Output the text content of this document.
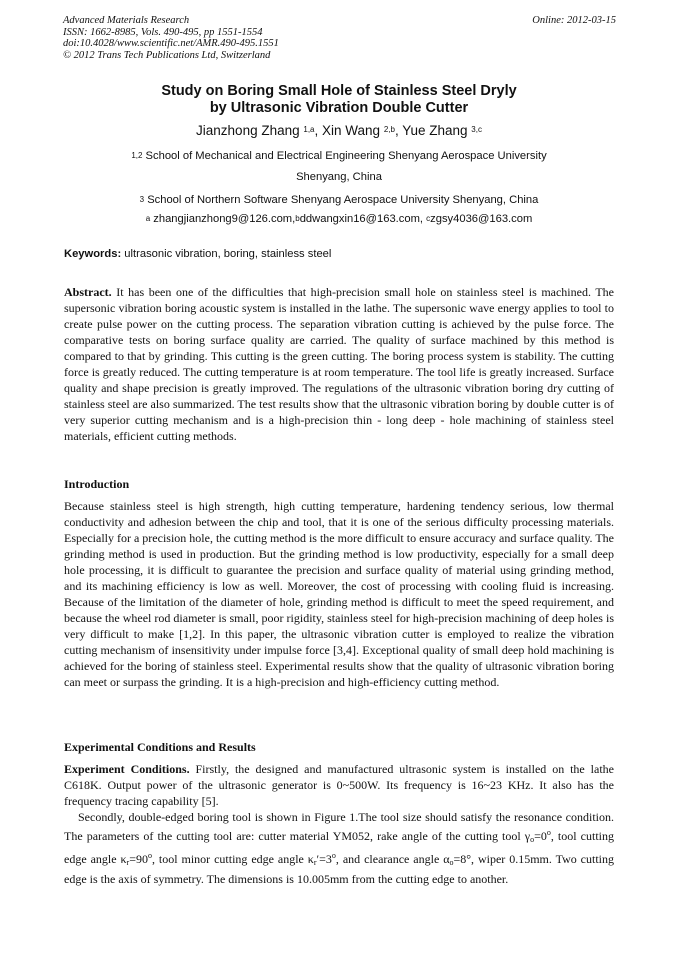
Advanced Materials Research
ISSN: 1662-8985, Vols. 490-495, pp 1551-1554
doi:10.4028/www.scientific.net/AMR.490-495.1551
© 2012 Trans Tech Publications Ltd, Switzerland
Online: 2012-03-15
Study on Boring Small Hole of Stainless Steel Dryly
by Ultrasonic Vibration Double Cutter
Jianzhong Zhang $^{1,a}$, Xin Wang $^{2,b}$, Yue Zhang $^{3,c}$
$^{1,2}$ School of Mechanical and Electrical Engineering Shenyang Aerospace University
Shenyang, China
$^3$ School of Northern Software Shenyang Aerospace University Shenyang, China
$^a$ zhangjianzhong9@126.com,$^b$ddwangxin16@163.com, $^c$zgsy4036@163.com
Keywords: ultrasonic vibration, boring, stainless steel
Abstract. It has been one of the difficulties that high-precision small hole on stainless steel is machined. The supersonic vibration boring acoustic system is installed in the lathe. The supersonic wave energy applies to tool to create pulse power on the cutting process. The separation vibration cutting is achieved by the pulse force. The comparative tests on boring surface quality are carried. The quality of surface machined by this method is compared to that by grinding. This cutting is the green cutting. The boring process system is stability. The cutting force is greatly reduced. The cutting temperature is at room temperature. The tool life is greatly increased. Surface quality and shape precision is greatly improved. The regulations of the ultrasonic vibration boring dry cutting of stainless steel are also summarized. The test results show that the ultrasonic vibration boring by double cutter is of very superior cutting mechanism and is a high-precision thin - long deep - hole machining of stainless steel materials, efficient cutting methods.
Introduction
Because stainless steel is high strength, high cutting temperature, hardening tendency serious, low thermal conductivity and adhesion between the chip and tool, that it is one of the serious difficulty processing materials. Especially for a precision hole, the cutting method is the more difficult to ensure accuracy and surface quality. The grinding method is used in production. But the grinding method is low productivity, especially for a small deep hole processing, it is difficult to guarantee the precision and surface quality of material using grinding method, and its machining efficiency is low as well. Moreover, the cost of processing with cooling fluid is increasing. Because of the limitation of the diameter of hole, grinding method is difficult to meet the speed requirement, and because the wheel rod diameter is small, poor rigidity, stainless steel for high-precision machining of deep holes is very difficult to make [1,2]. In this paper, the ultrasonic vibration cutter is employed to realize the vibration cutting mechanism of insensitivity under impulse force [3,4]. Exceptional quality of small deep hold machining is achieved for the boring of stainless steel. Experimental results show that the quality of ultrasonic vibration boring can meet or surpass the grinding. It is a high-precision and high-efficiency cutting method.
Experimental Conditions and Results
Experiment Conditions. Firstly, the designed and manufactured ultrasonic system is installed on the lathe C618K. Output power of the ultrasonic generator is 0~500W. Its frequency is 16~23 KHz. It also has the frequency tracing capability [5].
Secondly, double-edged boring tool is shown in Figure 1.The tool size should satisfy the resonance condition. The parameters of the cutting tool are: cutter material YM052, rake angle of the cutting tool $\gamma o=0^o$, tool cutting edge angle $\kappa r=90^o$, tool minor cutting edge angle $\kappa r'=3^o$, and clearance angle αo=8°, wiper 0.15mm. Two cutting edge is the axis of symmetry. The dimensions is 10.005mm from the cutting edge to another.
